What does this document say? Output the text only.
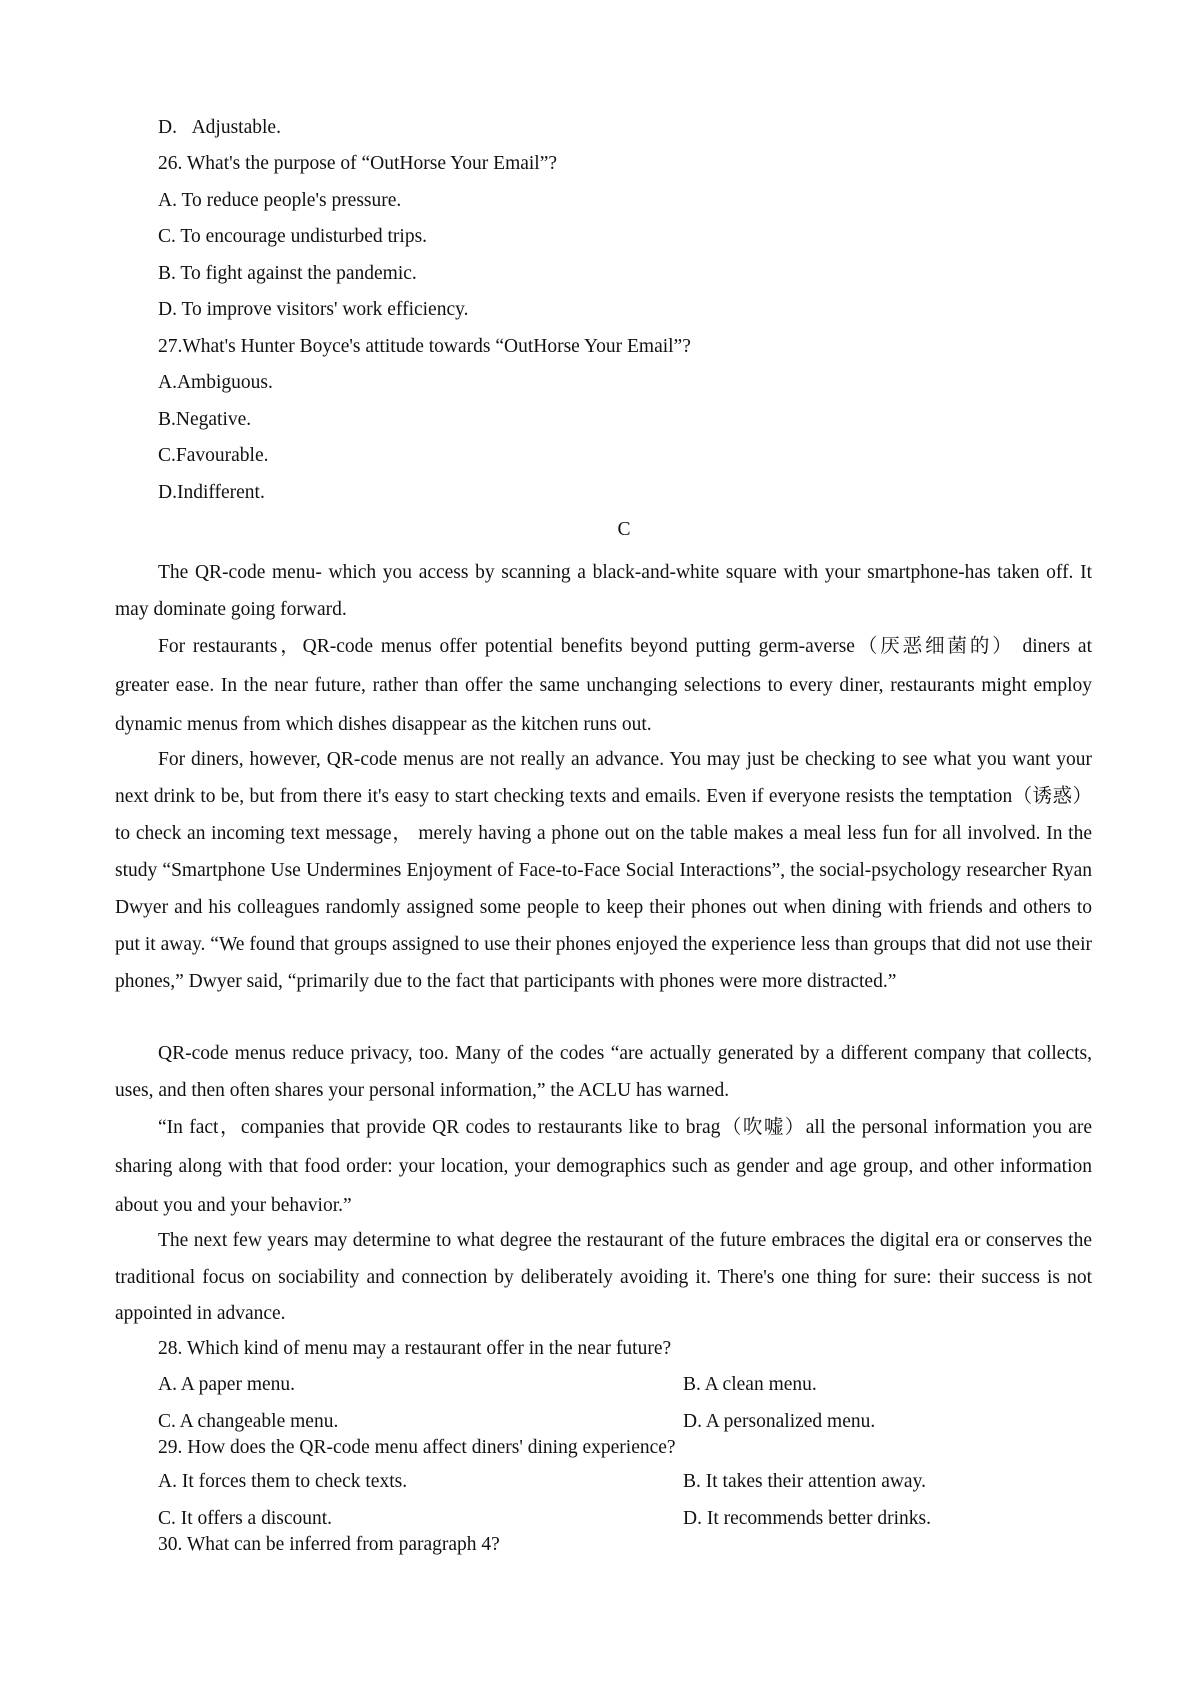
D.   Adjustable.
26. What's the purpose of “OutHorse Your Email”?
A. To reduce people's pressure.
C. To encourage undisturbed trips.
B. To fight against the pandemic.
D. To improve visitors' work efficiency.
27.What's Hunter Boyce's attitude towards “OutHorse Your Email”?
A.Ambiguous.
B.Negative.
C.Favourable.
D.Indifferent.
C

The QR-code menu- which you access by scanning a black-and-white square with your smartphone-has taken off. It may dominate going forward.

For restaurants，QR-code menus offer potential benefits beyond putting germ-averse（厌恶细菌的） diners at greater ease. In the near future, rather than offer the same unchanging selections to every diner, restaurants might employ dynamic menus from which dishes disappear as the kitchen runs out.

For diners, however, QR-code menus are not really an advance. You may just be checking to see what you want your next drink to be, but from there it's easy to start checking texts and emails. Even if everyone resists the temptation（诱惑）to check an incoming text message， merely having a phone out on the table makes a meal less fun for all involved. In the study “Smartphone Use Undermines Enjoyment of Face-to-Face Social Interactions”, the social-psychology researcher Ryan Dwyer and his colleagues randomly assigned some people to keep their phones out when dining with friends and others to put it away. “We found that groups assigned to use their phones enjoyed the experience less than groups that did not use their phones,” Dwyer said, “primarily due to the fact that participants with phones were more distracted.”

QR-code menus reduce privacy, too. Many of the codes “are actually generated by a different company that collects, uses, and then often shares your personal information,” the ACLU has warned.

“In fact，companies that provide QR codes to restaurants like to brag（吹嘘）all the personal information you are sharing along with that food order: your location, your demographics such as gender and age group, and other information about you and your behavior.”

The next few years may determine to what degree the restaurant of the future embraces the digital era or conserves the traditional focus on sociability and connection by deliberately avoiding it. There's one thing for sure: their success is not appointed in advance.

28. Which kind of menu may a restaurant offer in the near future?
A. A paper menu.	B. A clean menu.
C. A changeable menu.	D. A personalized menu.
29. How does the QR-code menu affect diners' dining experience?
A. It forces them to check texts.	B. It takes their attention away.
C. It offers a discount.	D. It recommends better drinks.
30. What can be inferred from paragraph 4?
